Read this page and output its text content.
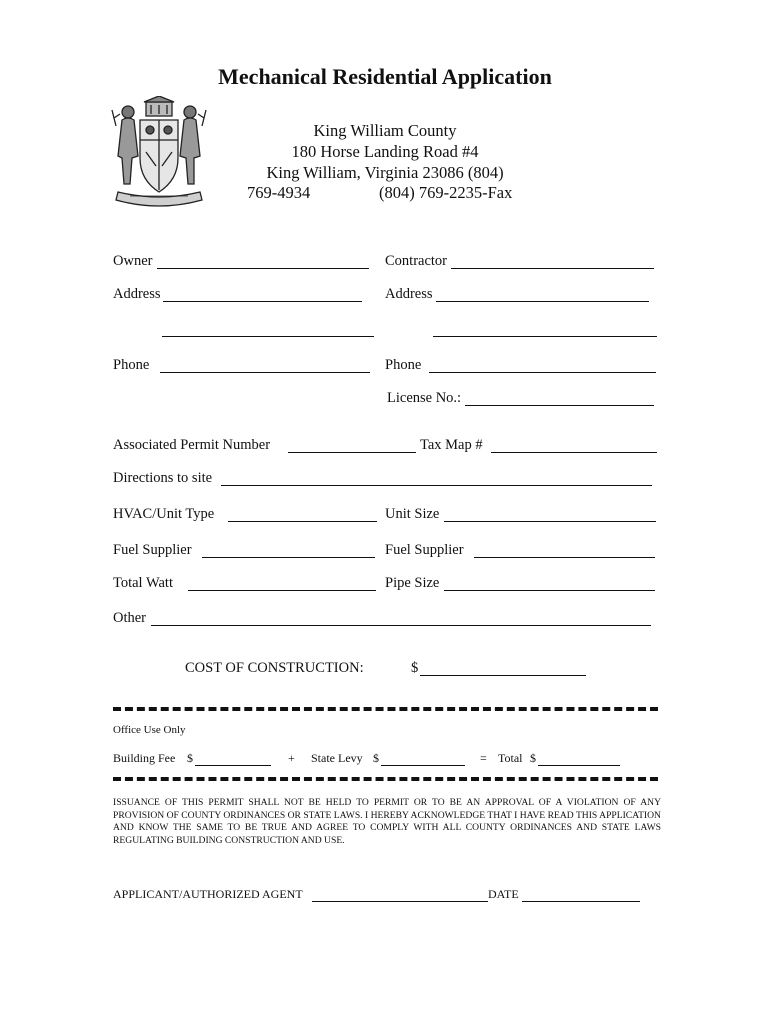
Mechanical Residential Application
King William County
180 Horse Landing Road #4
King William, Virginia 23086 (804)
769-4934	(804) 769-2235-Fax
Owner	Contractor
Address	Address
Phone	Phone
License No.:
Associated Permit Number	Tax Map #
Directions to site
HVAC/Unit Type	Unit Size
Fuel Supplier	Fuel Supplier
Total Watt	Pipe Size
Other
COST OF CONSTRUCTION:	$
Office Use Only
Building Fee $	+ State Levy $	= Total $
ISSUANCE OF THIS PERMIT SHALL NOT BE HELD TO PERMIT OR TO BE AN APPROVAL OF A VIOLATION OF ANY PROVISION OF COUNTY ORDINANCES OR STATE LAWS. I HEREBY ACKNOWLEDGE THAT I HAVE READ THIS APPLICATION AND KNOW THE SAME TO BE TRUE AND AGREE TO COMPLY WITH ALL COUNTY ORDINANCES AND STATE LAWS REGULATING BUILDING CONSTRUCTION AND USE.
APPLICANT/AUTHORIZED AGENT	DATE
